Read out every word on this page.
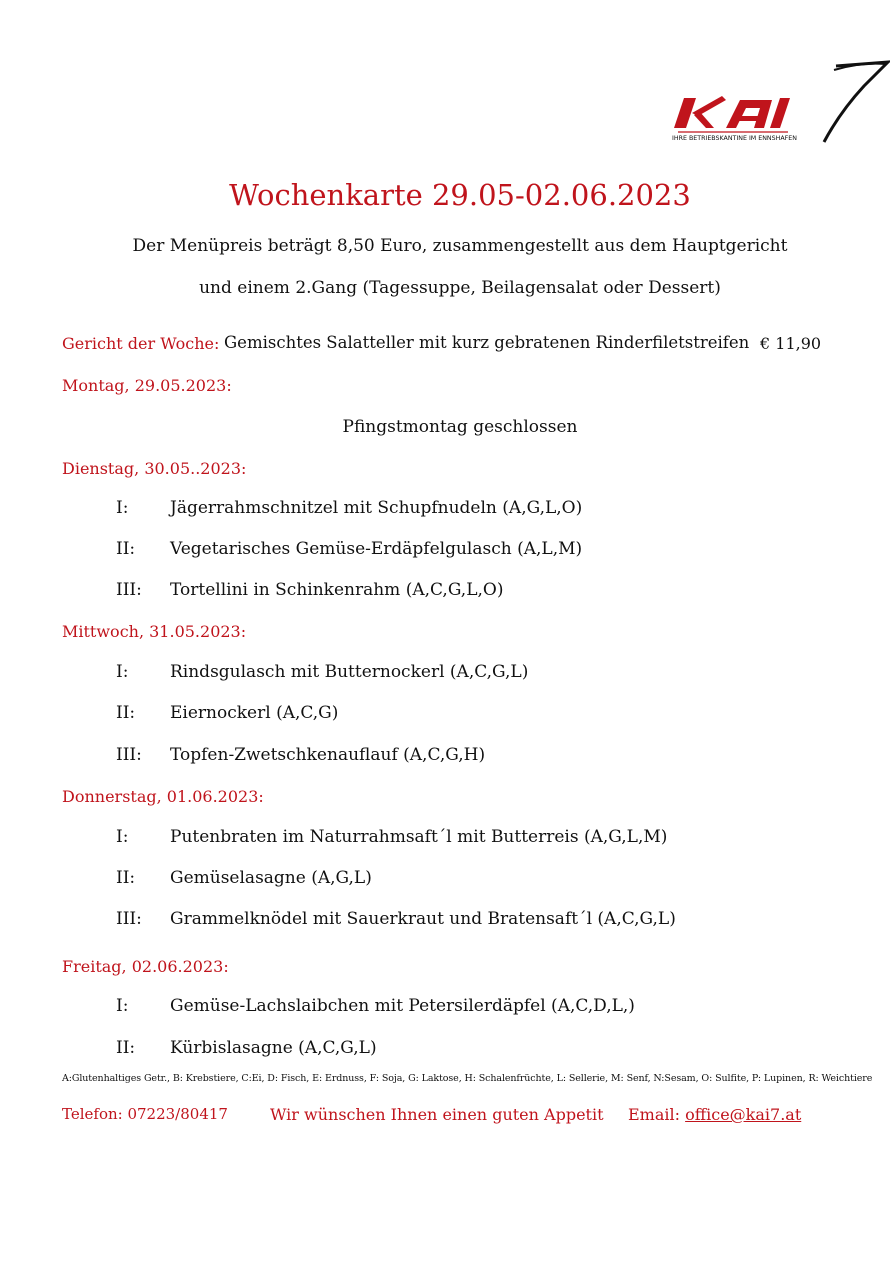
IHRE BETRIEBSKANTINE IM ENNSHAFEN
Wochenkarte 29.05-02.06.2023
Der Menüpreis beträgt 8,50 Euro, zusammengestellt aus dem Hauptgericht
und einem 2.Gang (Tagessuppe, Beilagensalat oder Dessert)
Gericht der Woche: Gemischtes Salatteller mit kurz gebratenen Rinderfiletstreifen € 11,90
Montag, 29.05.2023:
Pfingstmontag geschlossen
Dienstag, 30.05..2023:
I: Jägerrahmschnitzel mit Schupfnudeln (A,G,L,O)
II: Vegetarisches Gemüse-Erdäpfelgulasch (A,L,M)
III: Tortellini in Schinkenrahm (A,C,G,L,O)
Mittwoch, 31.05.2023:
I: Rindsgulasch mit Butternockerl (A,C,G,L)
II: Eiernockerl (A,C,G)
III: Topfen-Zwetschkenauflauf (A,C,G,H)
Donnerstag, 01.06.2023:
I: Putenbraten im Naturrahmsaft´l mit Butterreis (A,G,L,M)
II: Gemüselasagne (A,G,L)
III: Grammelknödel mit Sauerkraut und Bratensaft´l (A,C,G,L)
Freitag, 02.06.2023:
I: Gemüse-Lachslaibchen mit Petersilerdäpfel (A,C,D,L,)
II: Kürbislasagne (A,C,G,L)
A:Glutenhaltiges Getr., B: Krebstiere, C:Ei, D: Fisch, E: Erdnuss, F: Soja, G: Laktose, H: Schalenfrüchte, L: Sellerie, M: Senf, N:Sesam, O: Sulfite, P: Lupinen, R: Weichtiere
Telefon: 07223/80417	Wir wünschen Ihnen einen guten Appetit Email: office@kai7.at
